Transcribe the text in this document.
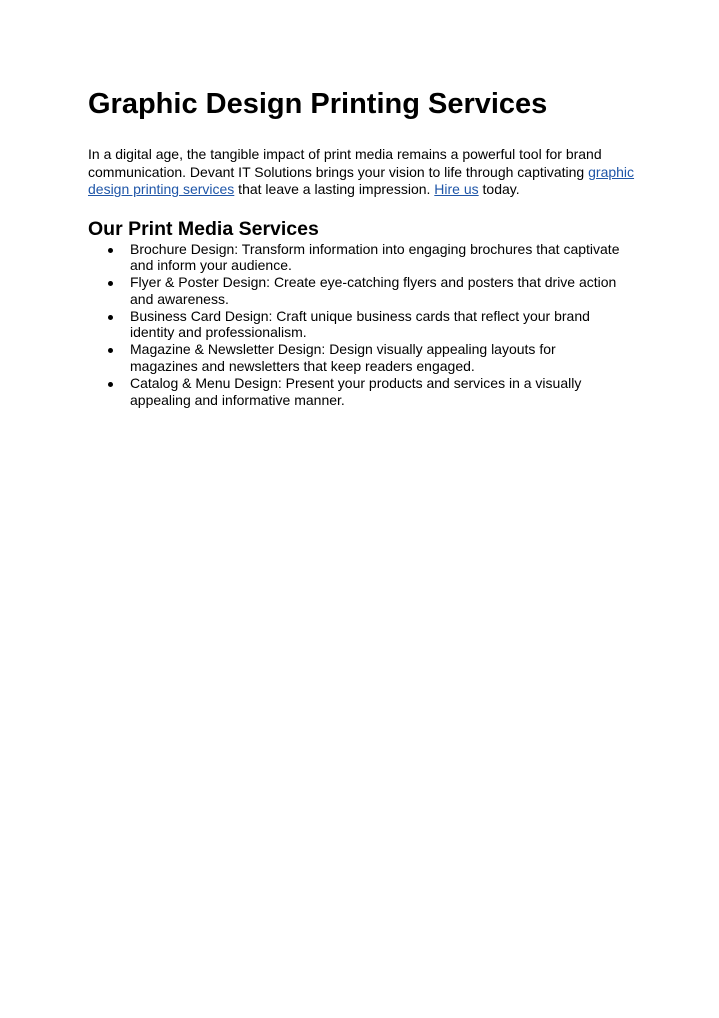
Graphic Design Printing Services

In a digital age, the tangible impact of print media remains a powerful tool for brand communication. Devant IT Solutions brings your vision to life through captivating graphic design printing services that leave a lasting impression. Hire us today.

Our Print Media Services
Brochure Design: Transform information into engaging brochures that captivate and inform your audience.
Flyer & Poster Design: Create eye-catching flyers and posters that drive action and awareness.
Business Card Design: Craft unique business cards that reflect your brand identity and professionalism.
Magazine & Newsletter Design: Design visually appealing layouts for magazines and newsletters that keep readers engaged.
Catalog & Menu Design: Present your products and services in a visually appealing and informative manner.
